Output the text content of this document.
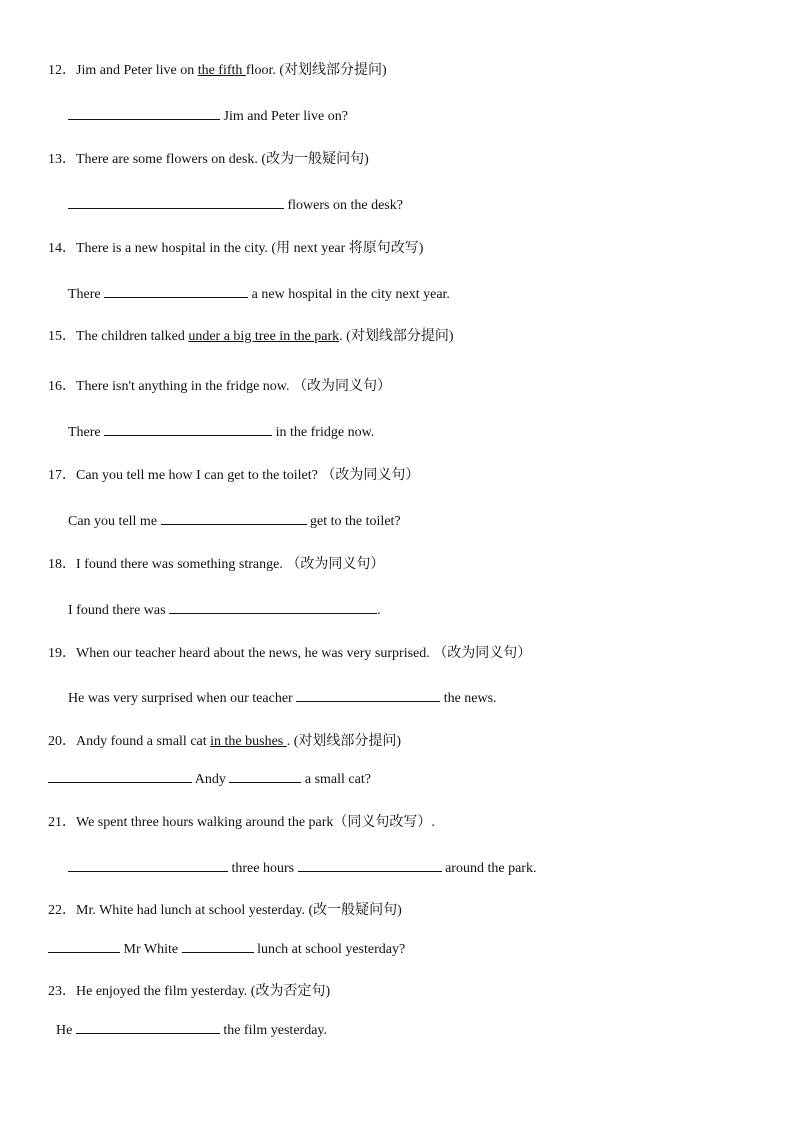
12．Jim and Peter live on the fifth floor. (对划线部分提问)
Jim and Peter live on?
13．There are some flowers on desk. (改为一般疑问句)
flowers on the desk?
14．There is a new hospital in the city. (用 next year 将原句改写)
There	a new hospital in the city next year.
15．The children talked under a big tree in the park. (对划线部分提问)
16．There isn't anything in the fridge now. （改为同义句）
There	in the fridge now.
17．Can you tell me how I can get to the toilet? （改为同义句）
Can you tell me	get to the toilet?
18．I found there was something strange. （改为同义句）
I found there was	.
19．When our teacher heard about the news, he was very surprised. （改为同义句）
He was very surprised when our teacher	the news.
20．Andy found a small cat in the bushes . (对划线部分提问)
Andy	a small cat?
21．We spent three hours walking around the park（同义句改写）.
three hours	around the park.
22．Mr. White had lunch at school yesterday. (改一般疑问句)
Mr White	lunch at school yesterday?
23．He enjoyed the film yesterday. (改为否定句)
He	the film yesterday.
